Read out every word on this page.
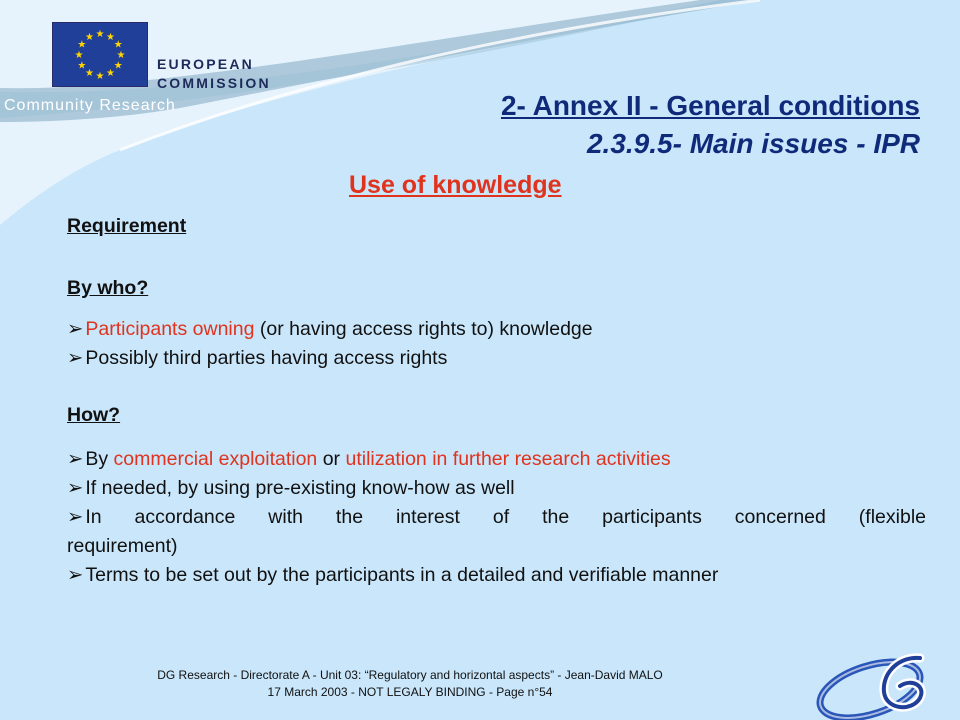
★ ★
★
★
★
★
★
★
★
★
★
★
EUROPEAN
COMMISSION
Community Research	2- Annex II - General conditions
2.3.9.5- Main issues - IPR
Use of knowledge
Requirement
By who?
➢ Participants owning (or having access rights to) knowledge
➢ Possibly third parties having access rights
How?
➢ By commercial exploitation or utilization in further research activities
➢ If needed, by using pre-existing know-how as well
➢ In accordance with the interest of the participants concerned (flexible
requirement)
➢ Terms to be set out by the participants in a detailed and verifiable manner
DG Research - Directorate A - Unit 03: “Regulatory and horizontal aspects” - Jean-David MALO
17 March 2003 - NOT LEGALY BINDING - Page n°54
